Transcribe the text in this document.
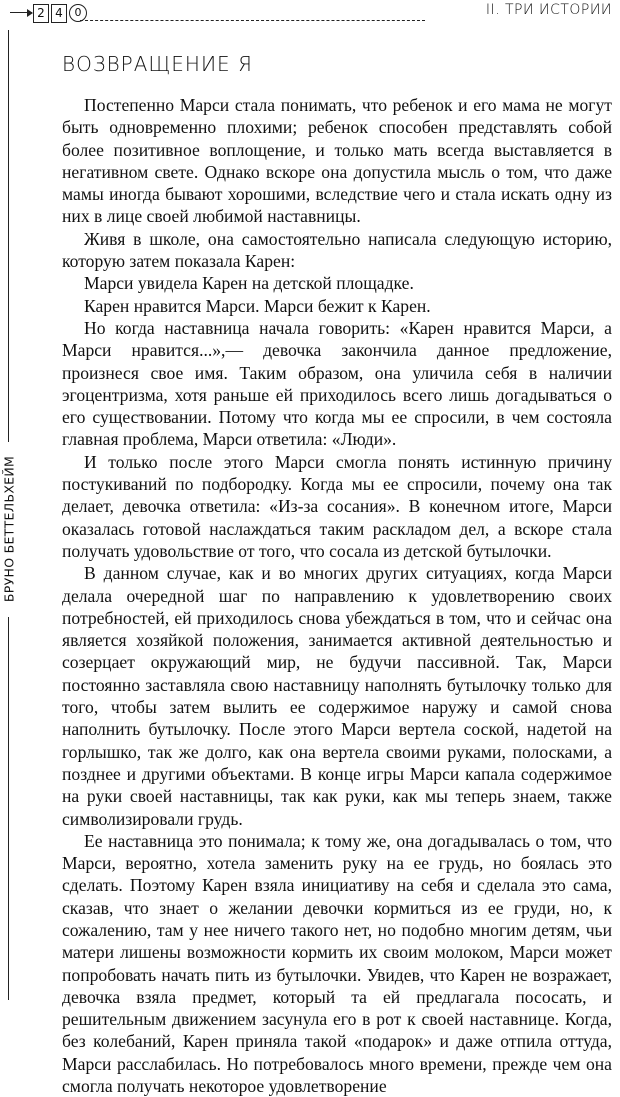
2 4	0	II. ТРИ ИСТОРИИ
БРУНО БЕТТЕЛЬХЕЙМ
ВОЗВРАЩЕНИЕ Я

Постепенно Марси стала понимать, что ребенок и его мама не могут быть одновременно плохими; ребенок способен представлять собой более позитивное воплощение, и только мать всегда выставляется в негативном свете. Однако вскоре она допустила мысль о том, что даже мамы иногда бывают хорошими, вследствие чего и стала искать одну из них в лице своей любимой наставницы.

Живя в школе, она самостоятельно написала следующую историю, которую затем показала Карен:

Марси увидела Карен на детской площадке.

Карен нравится Марси. Марси бежит к Карен.

Но когда наставница начала говорить: «Карен нравится Марси, а Марси нравится...»,— девочка закончила данное предложение, произнеся свое имя. Таким образом, она уличила себя в наличии эгоцентризма, хотя раньше ей приходилось всего лишь догадываться о его существовании. Потому что когда мы ее спросили, в чем состояла главная проблема, Марси ответила: «Люди».

И только после этого Марси смогла понять истинную причину постукиваний по подбородку. Когда мы ее спросили, почему она так делает, девочка ответила: «Из-за сосания». В конечном итоге, Марси оказалась готовой наслаждаться таким раскладом дел, а вскоре стала получать удовольствие от того, что сосала из детской бутылочки.

В данном случае, как и во многих других ситуациях, когда Марси делала очередной шаг по направлению к удовлетворению своих потребностей, ей приходилось снова убеждаться в том, что и сейчас она является хозяйкой положения, занимается активной деятельностью и созерцает окружающий мир, не будучи пассивной. Так, Марси постоянно заставляла свою наставницу наполнять бутылочку только для того, чтобы затем вылить ее содержимое наружу и самой снова наполнить бутылочку. После этого Марси вертела соской, надетой на горлышко, так же долго, как она вертела своими руками, полосками, а позднее и другими объектами. В конце игры Марси капала содержимое на руки своей наставницы, так как руки, как мы теперь знаем, также символизировали грудь.

Ее наставница это понимала; к тому же, она догадывалась о том, что Марси, вероятно, хотела заменить руку на ее грудь, но боялась это сделать. Поэтому Карен взяла инициативу на себя и сделала это сама, сказав, что знает о желании девочки кормиться из ее груди, но, к сожалению, там у нее ничего такого нет, но подобно многим детям, чьи матери лишены возможности кормить их своим молоком, Марси может попробовать начать пить из бутылочки. Увидев, что Карен не возражает, девочка взяла предмет, который та ей предлагала пососать, и решительным движением засунула его в рот к своей наставнице. Когда, без колебаний, Карен приняла такой «подарок» и даже отпила оттуда, Марси расслабилась. Но потребовалось много времени, прежде чем она смогла получать некоторое удовлетворение
